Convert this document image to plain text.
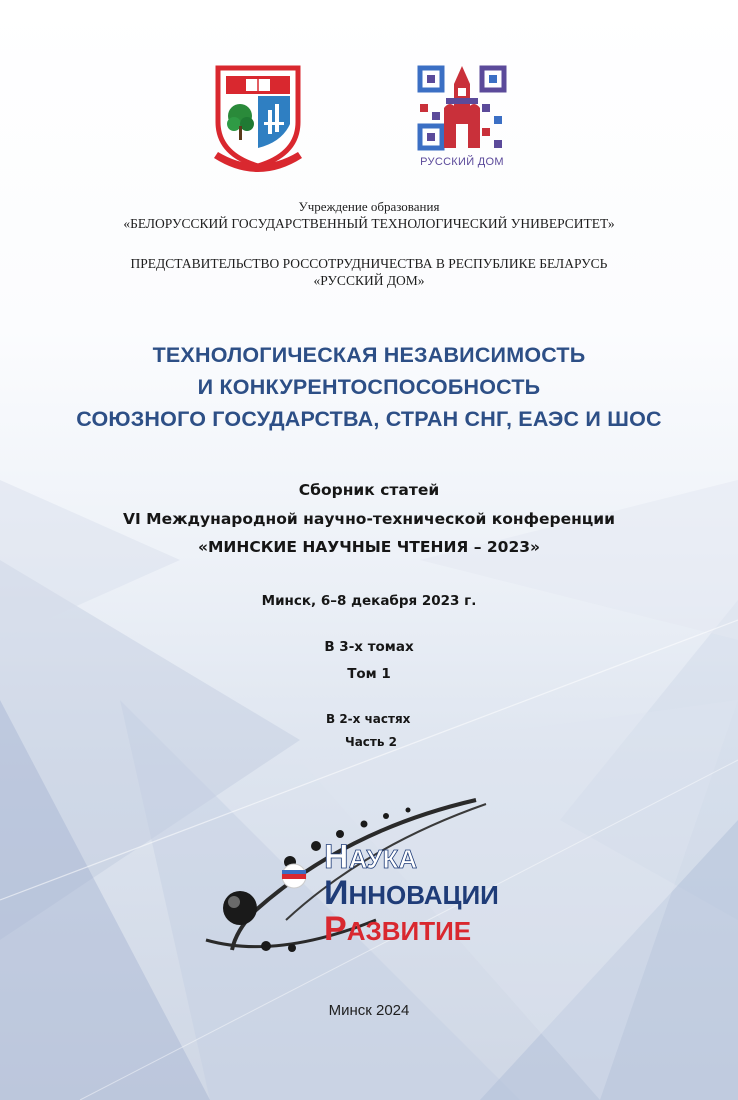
РУССКИЙ ДОМ
Учреждение образования
«БЕЛОРУССКИЙ ГОСУДАРСТВЕННЫЙ ТЕХНОЛОГИЧЕСКИЙ УНИВЕРСИТЕТ»
ПРЕДСТАВИТЕЛЬСТВО РОССОТРУДНИЧЕСТВА В РЕСПУБЛИКЕ БЕЛАРУСЬ
«РУССКИЙ ДОМ»
ТЕХНОЛОГИЧЕСКАЯ НЕЗАВИСИМОСТЬ
И КОНКУРЕНТОСПОСОБНОСТЬ
СОЮЗНОГО ГОСУДАРСТВА, СТРАН СНГ, ЕАЭС И ШОС
Сборник статей
VI Международной научно-технической конференции
«МИНСКИЕ НАУЧНЫЕ ЧТЕНИЯ – 2023»
Минск, 6–8 декабря 2023 г.
В 3-х томах
Том 1
В 2-х частях
Часть 2
НАУКА
ИННОВАЦИИ
РАЗВИТИЕ
Минск 2024
